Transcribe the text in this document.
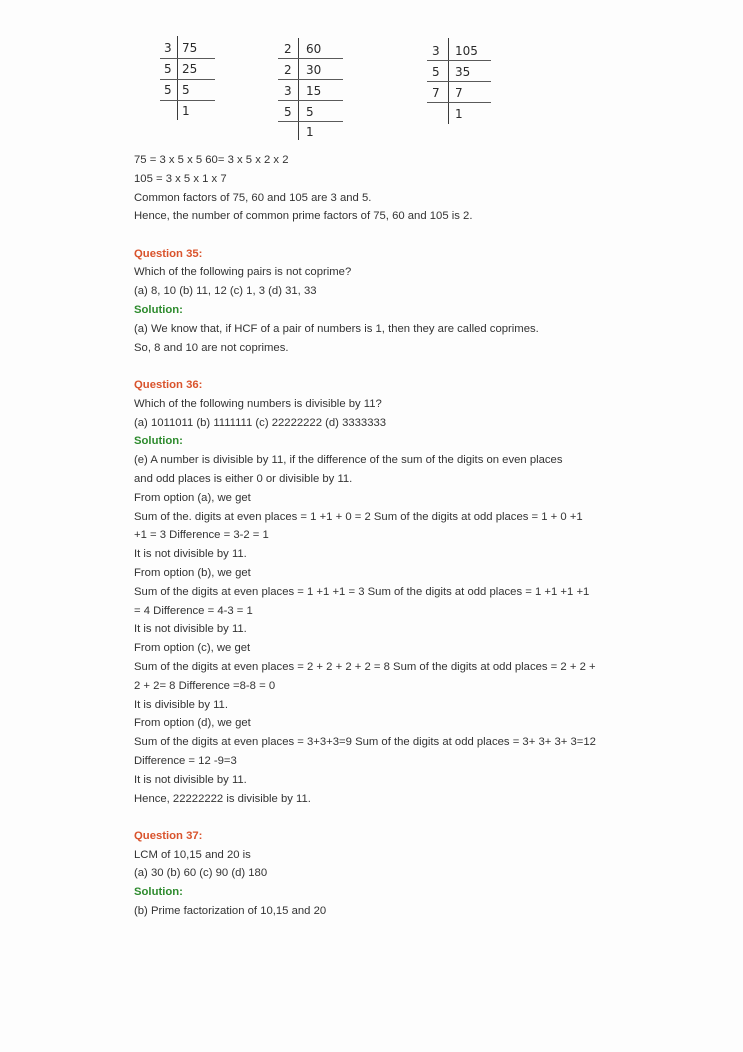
3 75
5 25
5 5
1
2 60
2 30
3 15
5 5
1
3 105
5 35
7 7
1

75 = 3 x 5 x 5 60= 3 x 5 x 2 x 2

105 = 3 x 5 x 1 x 7

Common factors of 75, 60 and 105 are 3 and 5.

Hence, the number of common prime factors of 75, 60 and 105 is 2.

Question 35:

Which of the following pairs is not coprime?

(a) 8, 10 (b) 11, 12 (c) 1, 3 (d) 31, 33

Solution:

(a) We know that, if HCF of a pair of numbers is 1, then they are called coprimes.

So, 8 and 10 are not coprimes.

Question 36:

Which of the following numbers is divisible by 11?

(a) 1011011 (b) 1111111 (c) 22222222 (d) 3333333

Solution:

(e) A number is divisible by 11, if the difference of the sum of the digits on even places

and odd places is either 0 or divisible by 11.

From option (a), we get

Sum of the. digits at even places = 1 +1 + 0 = 2 Sum of the digits at odd places = 1 + 0 +1

+1 = 3 Difference = 3-2 = 1

It is not divisible by 11.

From option (b), we get

Sum of the digits at even places = 1 +1 +1 = 3 Sum of the digits at odd places = 1 +1 +1 +1

= 4 Difference = 4-3 = 1

It is not divisible by 11.

From option (c), we get

Sum of the digits at even places = 2 + 2 + 2 + 2 = 8 Sum of the digits at odd places = 2 + 2 +

2 + 2= 8 Difference =8-8 = 0

It is divisible by 11.

From option (d), we get

Sum of the digits at even places = 3+3+3=9 Sum of the digits at odd places = 3+ 3+ 3+ 3=12

Difference = 12 -9=3

It is not divisible by 11.

Hence, 22222222 is divisible by 11.

Question 37:

LCM of 10,15 and 20 is

(a) 30 (b) 60 (c) 90 (d) 180

Solution:

(b) Prime factorization of 10,15 and 20
